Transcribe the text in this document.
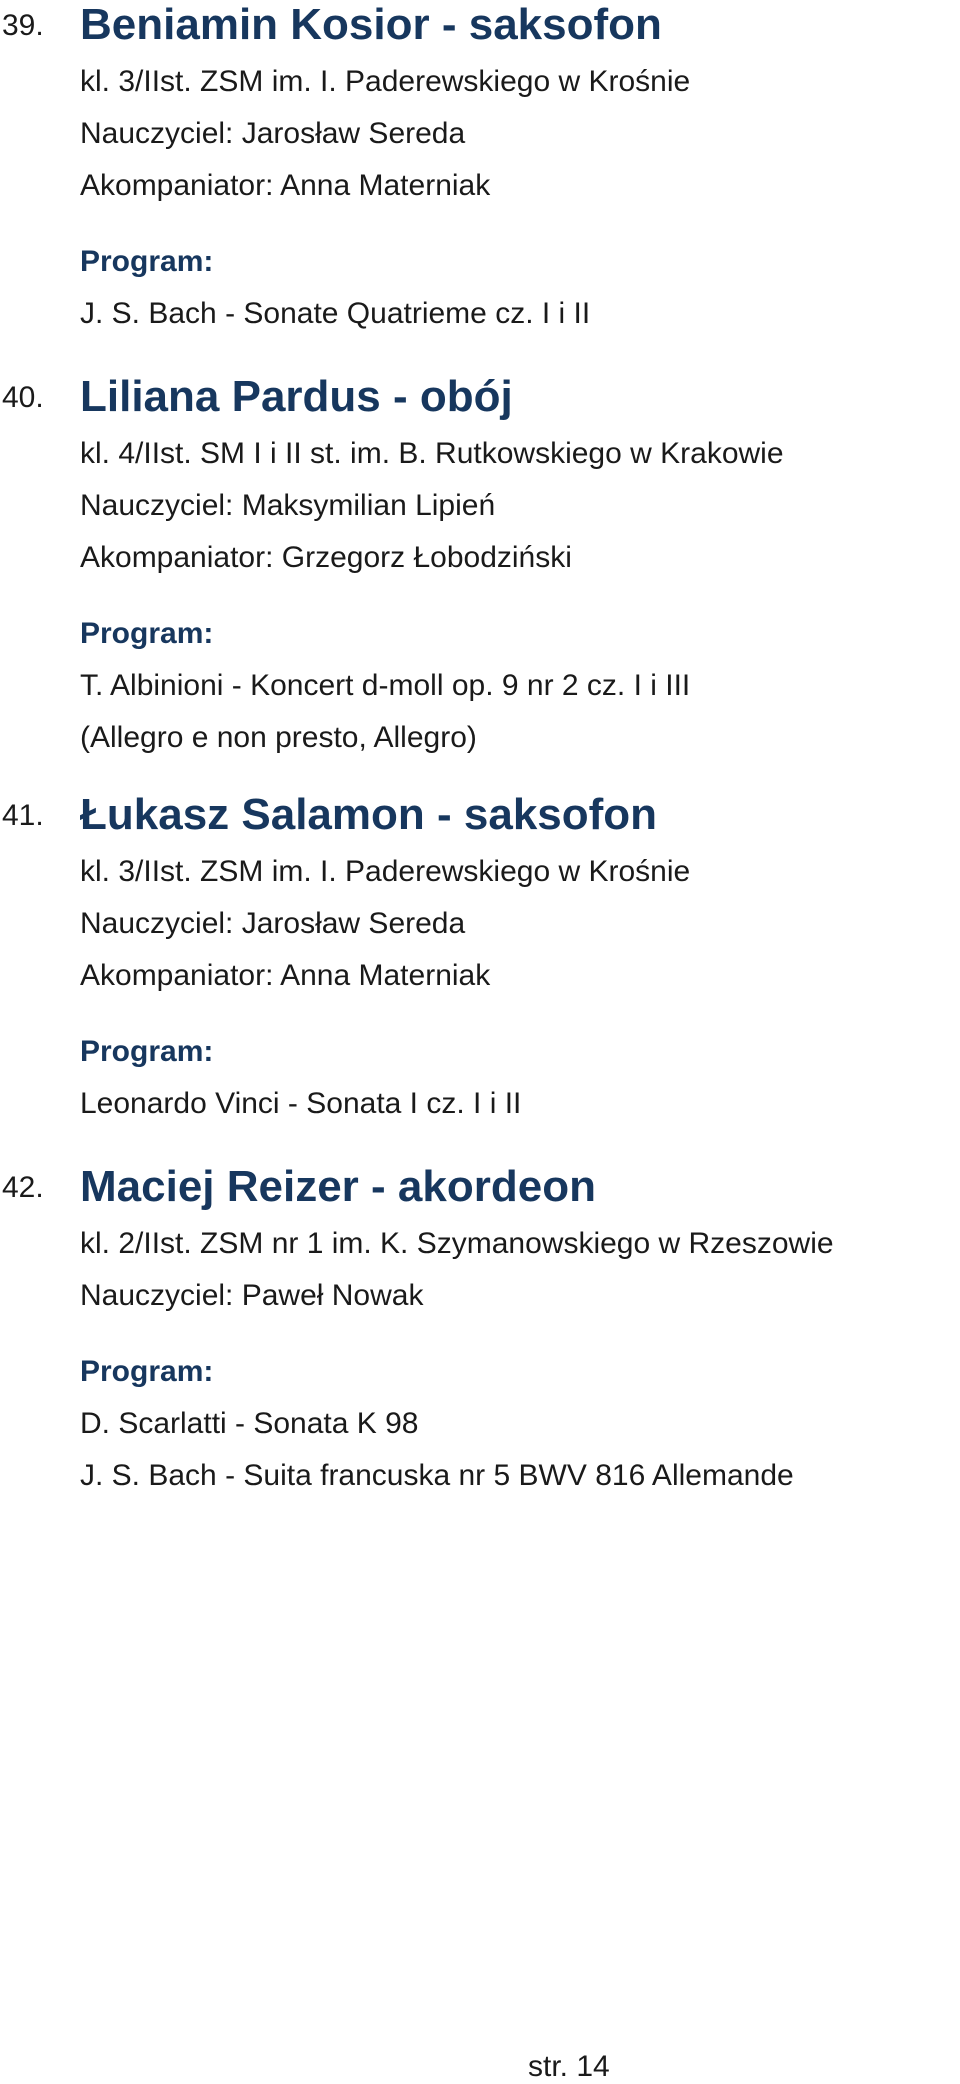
39. Beniamin Kosior - saksofon
kl. 3/IIst. ZSM im. I. Paderewskiego w Krośnie
Nauczyciel: Jarosław Sereda
Akompaniator: Anna Materniak
Program:
J. S. Bach - Sonate Quatrieme cz. I i II
40. Liliana Pardus - obój
kl. 4/IIst. SM I i II st. im. B. Rutkowskiego w Krakowie
Nauczyciel: Maksymilian Lipień
Akompaniator: Grzegorz Łobodziński
Program:
T. Albinioni - Koncert d-moll op. 9 nr 2 cz. I i III
(Allegro e non presto, Allegro)
41. Łukasz Salamon - saksofon
kl. 3/IIst. ZSM im. I. Paderewskiego w Krośnie
Nauczyciel: Jarosław Sereda
Akompaniator: Anna Materniak
Program:
Leonardo Vinci - Sonata I cz. I i II
42. Maciej Reizer - akordeon
kl. 2/IIst. ZSM nr 1 im. K. Szymanowskiego w Rzeszowie
Nauczyciel: Paweł Nowak
Program:
D. Scarlatti - Sonata K 98
J. S. Bach - Suita francuska nr 5 BWV 816 Allemande
str. 14
